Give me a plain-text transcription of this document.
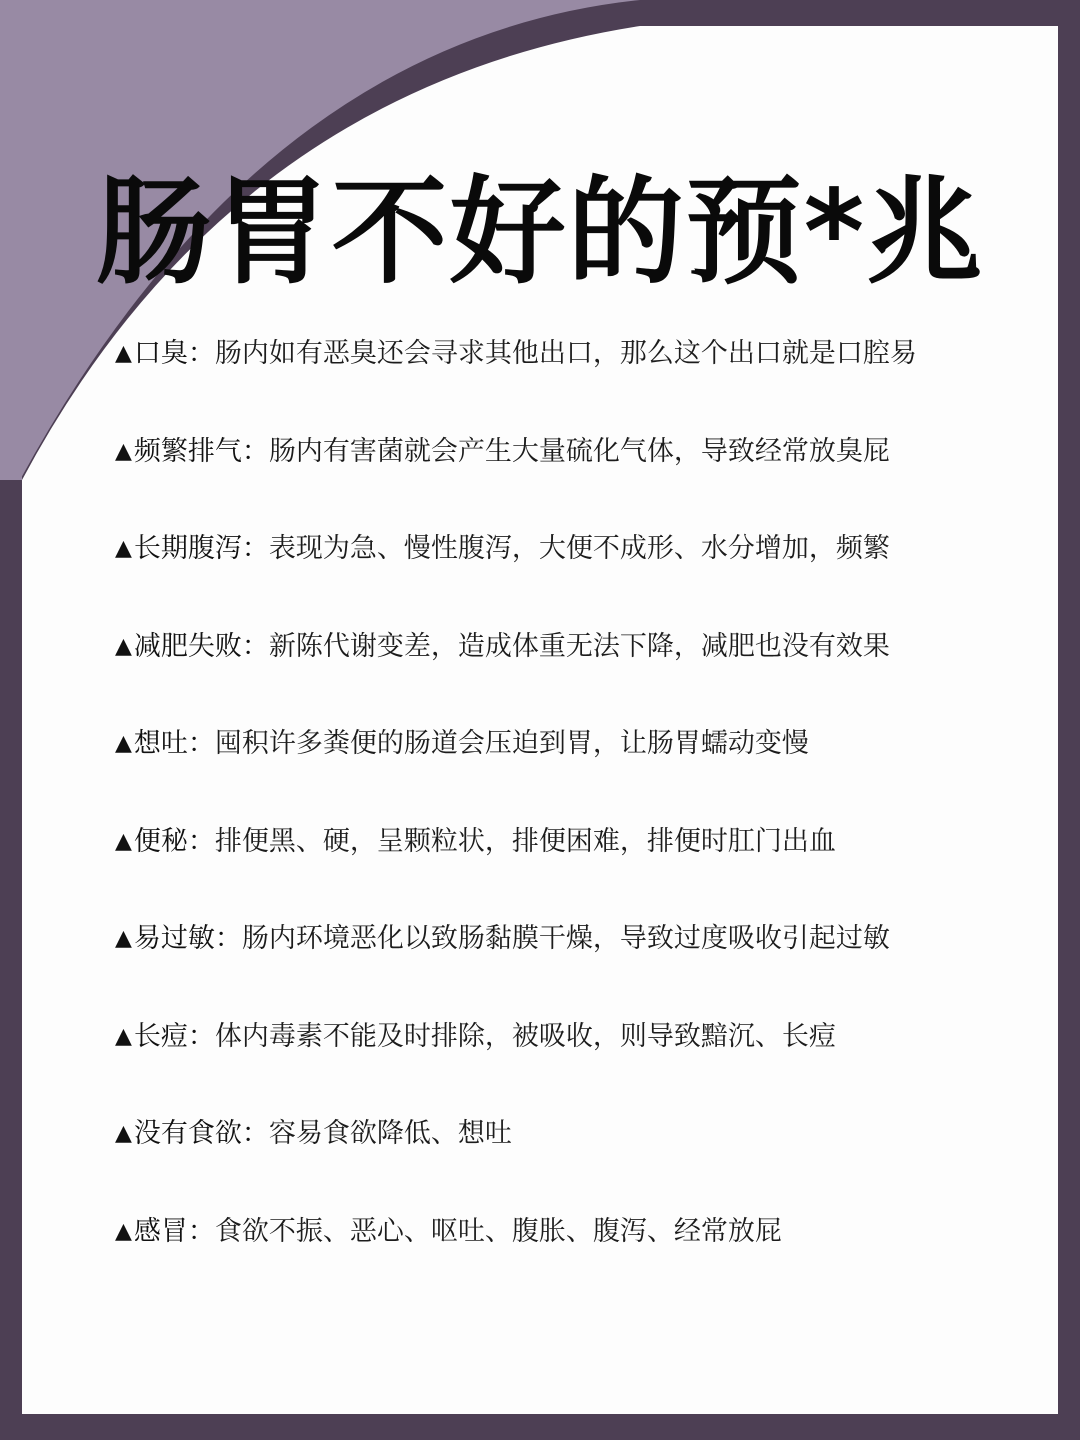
肠胃不好的预*兆
▲ 口臭 ： 肠内如有恶臭还会寻求其他出口，那么这个出口就是口腔易
▲ 频繁排气 ： 肠内有害菌就会产生大量硫化气体，导致经常放臭屁
▲ 长期腹泻 ： 表现为急、慢性腹泻，大便不成形、水分增加，频繁
▲ 减肥失败 ： 新陈代谢变差，造成体重无法下降，减肥也没有效果
▲ 想吐 ： 囤积许多粪便的肠道会压迫到胃，让肠胃蠕动变慢
▲ 便秘 ： 排便黑、硬，呈颗粒状，排便困难，排便时肛门出血
▲ 易过敏 ： 肠内环境恶化以致肠黏膜干燥，导致过度吸收引起过敏
▲ 长痘 ： 体内毒素不能及时排除，被吸收，则导致黯沉、长痘
▲ 没有食欲 ： 容易食欲降低、想吐
▲ 感冒 ： 食欲不振、恶心、呕吐、腹胀、腹泻、经常放屁
